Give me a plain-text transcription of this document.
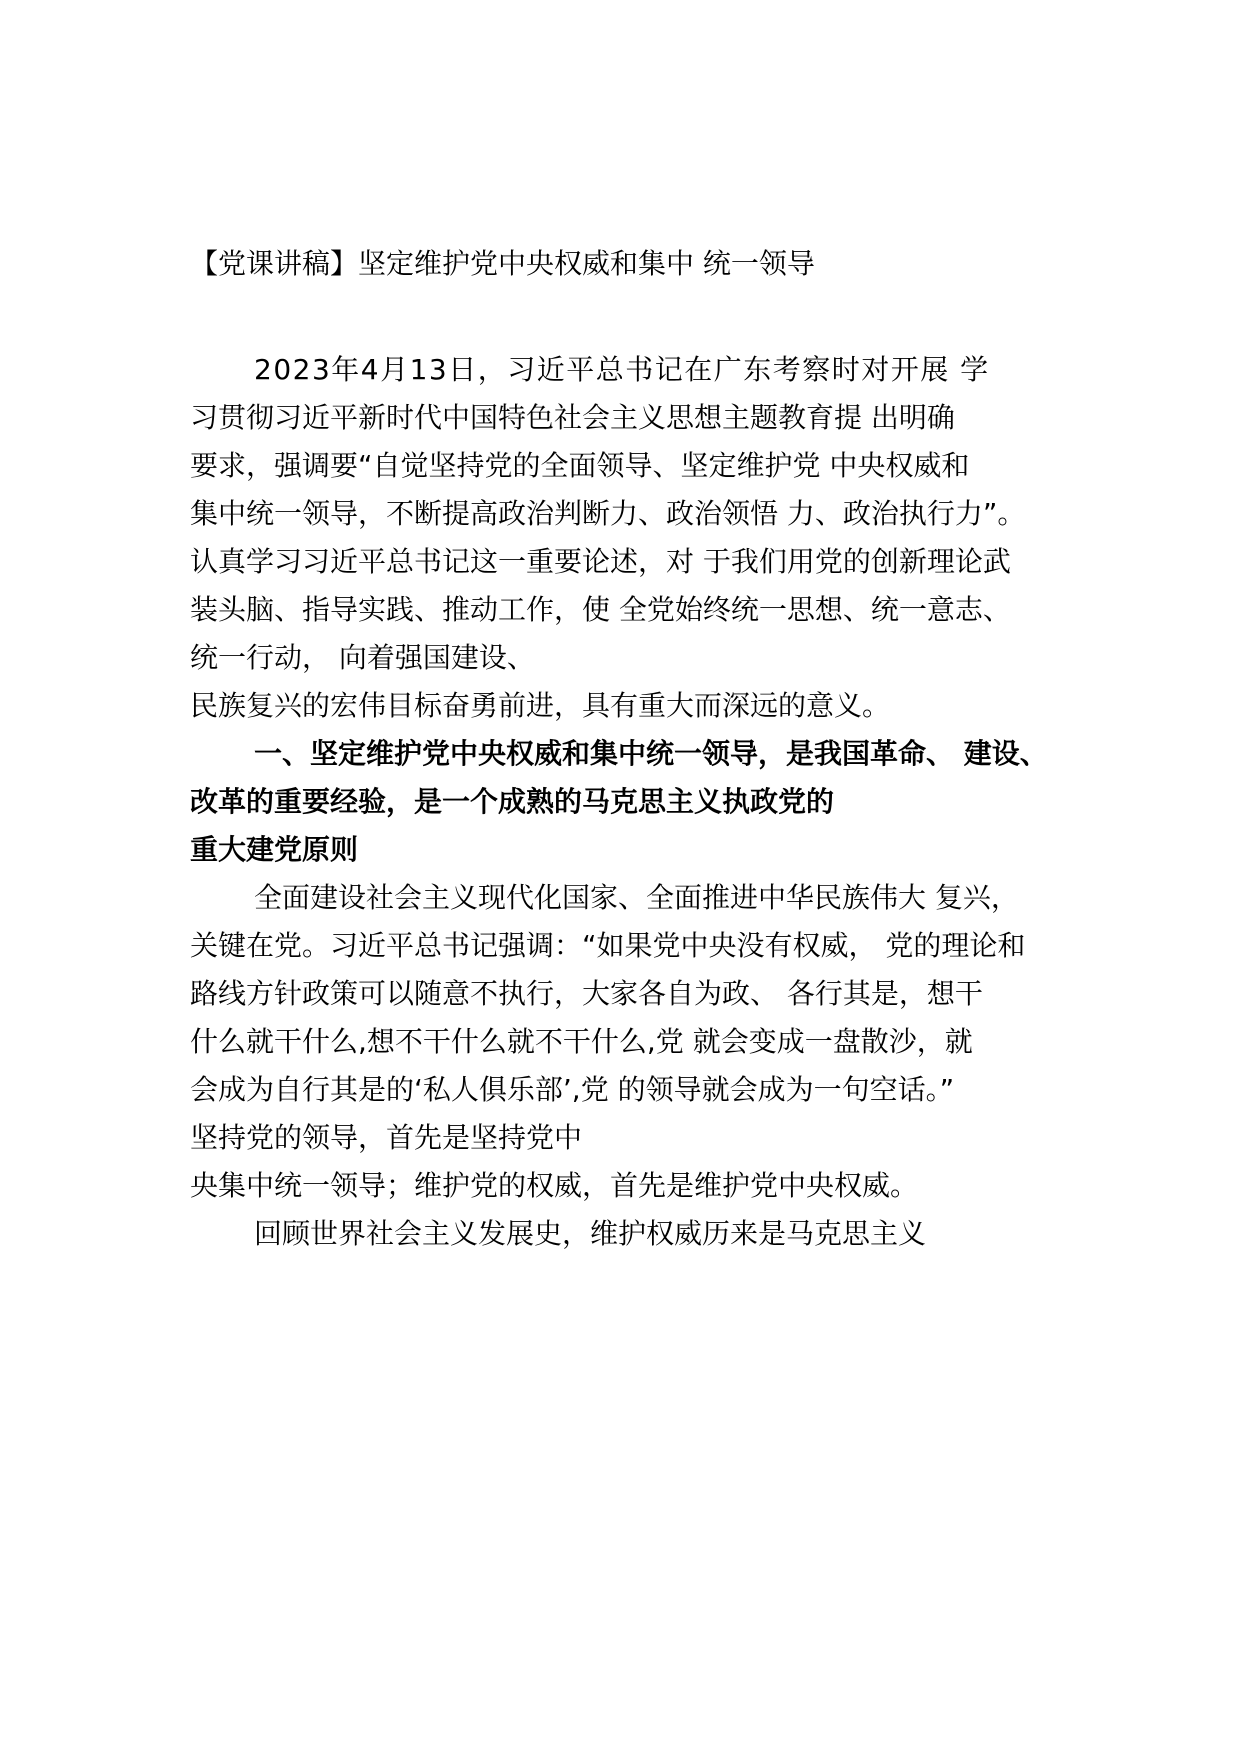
【党课讲稿】坚定维护党中央权威和集中 统一领导
2023年4月13日，习近平总书记在广东考察时对开展 学
习贯彻习近平新时代中国特色社会主义思想主题教育提 出明确
要求，强调要“自觉坚持党的全面领导、坚定维护党 中央权威和
集中统一领导，不断提高政治判断力、政治领悟 力、政治执行力”。
认真学习习近平总书记这一重要论述，对 于我们用党的创新理论武
装头脑、指导实践、推动工作，使 全党始终统一思想、统一意志、
统一行动， 向着强国建设、
民族复兴的宏伟目标奋勇前进，具有重大而深远的意义。
一、坚定维护党中央权威和集中统一领导，是我国革命、 建设、
改革的重要经验，是一个成熟的马克思主义执政党的
重大建党原则
全面建设社会主义现代化国家、全面推进中华民族伟大 复兴，
关键在党。习近平总书记强调：“如果党中央没有权威， 党的理论和
路线方针政策可以随意不执行，大家各自为政、 各行其是，想干
什么就干什么,想不干什么就不干什么,党 就会变成一盘散沙，就
会成为自行其是的‘私人俱乐部’,党 的领导就会成为一句空话。”
坚持党的领导，首先是坚持党中
央集中统一领导；维护党的权威，首先是维护党中央权威。
回顾世界社会主义发展史，维护权威历来是马克思主义
